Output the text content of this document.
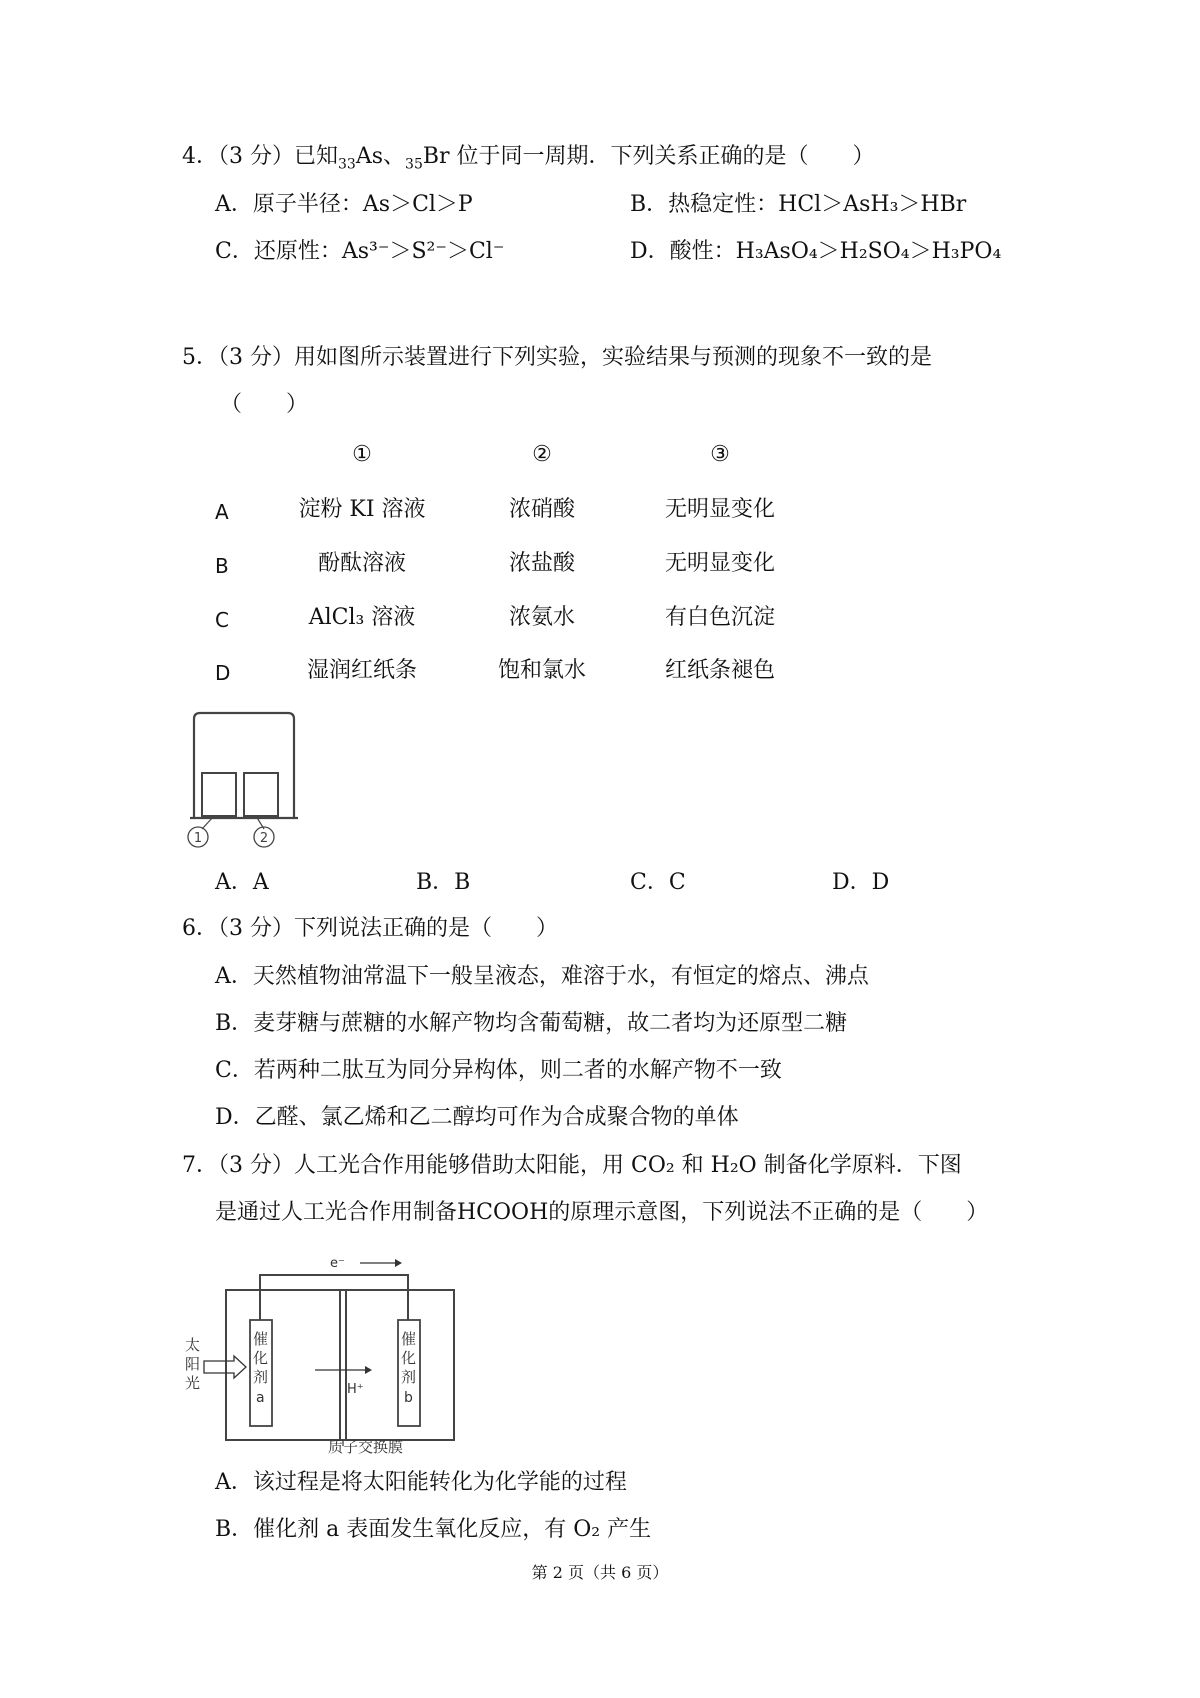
4．（3 分）已知$_{33}$As、$_{35}$Br 位于同一周期．下列关系正确的是（　　）
A．原子半径：As＞Cl＞P	B．热稳定性：HCl＞AsH₃＞HBr
C．还原性：As³⁻＞S²⁻＞Cl⁻	D．酸性：H₃AsO₄＞H₂SO₄＞H₃PO₄
5．（3 分）用如图所示装置进行下列实验，实验结果与预测的现象不一致的是
（　　）
①	②	③
A	淀粉 KI 溶液	浓硝酸	无明显变化
B	酚酞溶液	浓盐酸	无明显变化
C	AlCl₃ 溶液	浓氨水	有白色沉淀
D	湿润红纸条	饱和氯水	红纸条褪色
1	2
A．A	B．B	C．C	D．D
6．（3 分）下列说法正确的是（　　）
A．天然植物油常温下一般呈液态，难溶于水，有恒定的熔点、沸点
B．麦芽糖与蔗糖的水解产物均含葡萄糖，故二者均为还原型二糖
C．若两种二肽互为同分异构体，则二者的水解产物不一致
D．乙醛、氯乙烯和乙二醇均可作为合成聚合物的单体
7．（3 分）人工光合作用能够借助太阳能，用 CO₂ 和 H₂O 制备化学原料．下图
是通过人工光合作用制备HCOOH的原理示意图，下列说法不正确的是（　　）
e⁻
H⁺
太
阳
光
催
化
剂
a
催
化
剂
b
质子交换膜
A．该过程是将太阳能转化为化学能的过程
B．催化剂 a 表面发生氧化反应，有 O₂ 产生
第 2 页（共 6 页）
